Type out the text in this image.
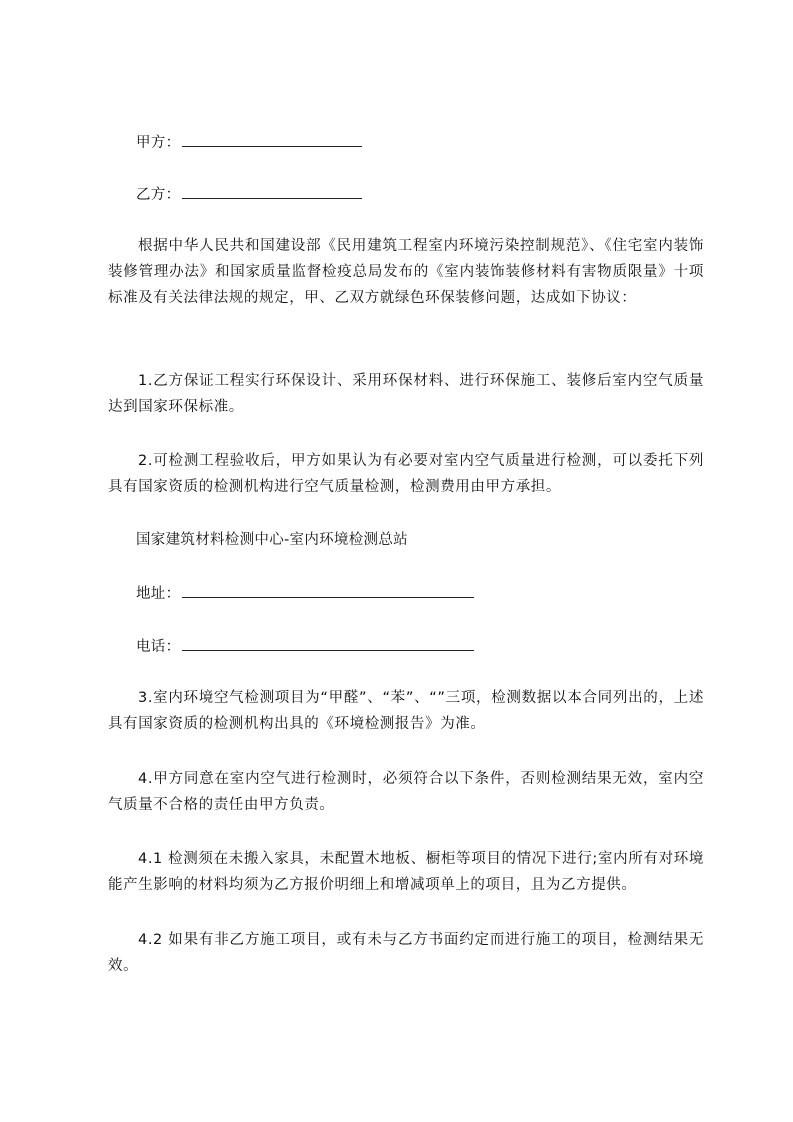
甲方：
乙方：

根据中华人民共和国建设部《民用建筑工程室内环境污染控制规范》、《住宅室内装饰装修管理办法》和国家质量监督检疫总局发布的《室内装饰装修材料有害物质限量》十项标准及有关法律法规的规定，甲、乙双方就绿色环保装修问题，达成如下协议：

1.乙方保证工程实行环保设计、采用环保材料、进行环保施工、装修后室内空气质量达到国家环保标准。

2.可检测工程验收后，甲方如果认为有必要对室内空气质量进行检测，可以委托下列具有国家资质的检测机构进行空气质量检测，检测费用由甲方承担。

国家建筑材料检测中心-室内环境检测总站
地址：
电话：

3.室内环境空气检测项目为“甲醛”、“苯”、“”三项，检测数据以本合同列出的，上述具有国家资质的检测机构出具的《环境检测报告》为准。

4.甲方同意在室内空气进行检测时，必须符合以下条件，否则检测结果无效，室内空气质量不合格的责任由甲方负责。

4.1 检测须在未搬入家具，未配置木地板、橱柜等项目的情况下进行;室内所有对环境能产生影响的材料均须为乙方报价明细上和增减项单上的项目，且为乙方提供。

4.2 如果有非乙方施工项目，或有未与乙方书面约定而进行施工的项目，检测结果无效。
